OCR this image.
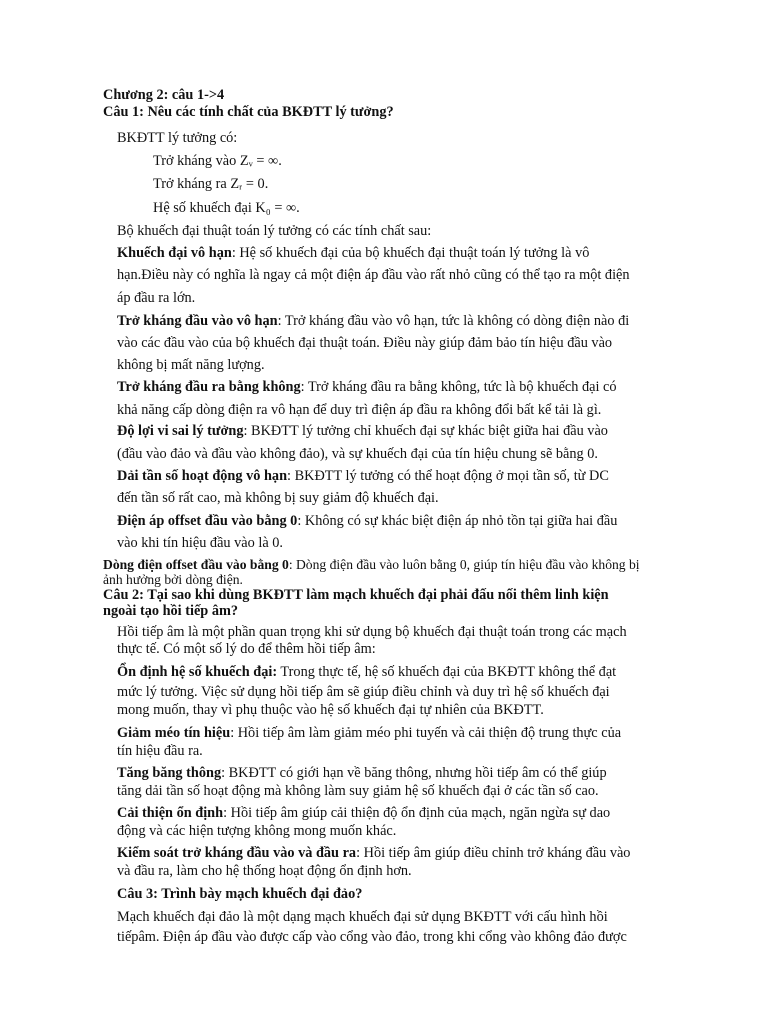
Chương 2: câu 1->4
Câu 1: Nêu các tính chất của BKĐTT lý tưởng?
BKĐTT lý tưởng có:
Trở kháng vào Zᵥ = ∞.
Trở kháng ra Zᵣ = 0.
Hệ số khuếch đại K₀ = ∞.
Bộ khuếch đại thuật toán lý tưởng có các tính chất sau:
Khuếch đại vô hạn: Hệ số khuếch đại của bộ khuếch đại thuật toán lý tưởng là vô
hạn.Điều này có nghĩa là ngay cả một điện áp đầu vào rất nhỏ cũng có thể tạo ra một điện
áp đầu ra lớn.
Trở kháng đầu vào vô hạn: Trở kháng đầu vào vô hạn, tức là không có dòng điện nào đi
vào các đầu vào của bộ khuếch đại thuật toán. Điều này giúp đảm bảo tín hiệu đầu vào
không bị mất năng lượng.
Trở kháng đầu ra bằng không: Trở kháng đầu ra bằng không, tức là bộ khuếch đại có
khả năng cấp dòng điện ra vô hạn để duy trì điện áp đầu ra không đổi bất kể tải là gì.
Độ lợi vi sai lý tưởng: BKĐTT lý tưởng chỉ khuếch đại sự khác biệt giữa hai đầu vào
(đầu vào đảo và đầu vào không đảo), và sự khuếch đại của tín hiệu chung sẽ bằng 0.
Dải tần số hoạt động vô hạn: BKĐTT lý tưởng có thể hoạt động ở mọi tần số, từ DC
đến tần số rất cao, mà không bị suy giảm độ khuếch đại.
Điện áp offset đầu vào bằng 0: Không có sự khác biệt điện áp nhỏ tồn tại giữa hai đầu
vào khi tín hiệu đầu vào là 0.
Dòng điện offset đầu vào bằng 0: Dòng điện đầu vào luôn bằng 0, giúp tín hiệu đầu vào không bị
ảnh hưởng bởi dòng điện.
Câu 2: Tại sao khi dùng BKĐTT làm mạch khuếch đại phải đấu nối thêm linh kiện
ngoài tạo hồi tiếp âm?
Hồi tiếp âm là một phần quan trọng khi sử dụng bộ khuếch đại thuật toán trong các mạch
thực tế. Có một số lý do để thêm hồi tiếp âm:
Ổn định hệ số khuếch đại: Trong thực tế, hệ số khuếch đại của BKĐTT không thể đạt
mức lý tưởng. Việc sử dụng hồi tiếp âm sẽ giúp điều chỉnh và duy trì hệ số khuếch đại
mong muốn, thay vì phụ thuộc vào hệ số khuếch đại tự nhiên của BKĐTT.
Giảm méo tín hiệu: Hồi tiếp âm làm giảm méo phi tuyến và cải thiện độ trung thực của
tín hiệu đầu ra.
Tăng băng thông: BKĐTT có giới hạn về băng thông, nhưng hồi tiếp âm có thể giúp
tăng dải tần số hoạt động mà không làm suy giảm hệ số khuếch đại ở các tần số cao.
Cải thiện ổn định: Hồi tiếp âm giúp cải thiện độ ổn định của mạch, ngăn ngừa sự dao
động và các hiện tượng không mong muốn khác.
Kiểm soát trở kháng đầu vào và đầu ra: Hồi tiếp âm giúp điều chỉnh trở kháng đầu vào
và đầu ra, làm cho hệ thống hoạt động ổn định hơn.
Câu 3: Trình bày mạch khuếch đại đảo?
Mạch khuếch đại đảo là một dạng mạch khuếch đại sử dụng BKĐTT với cấu hình hồi
tiếpâm. Điện áp đầu vào được cấp vào cổng vào đảo, trong khi cổng vào không đảo được
